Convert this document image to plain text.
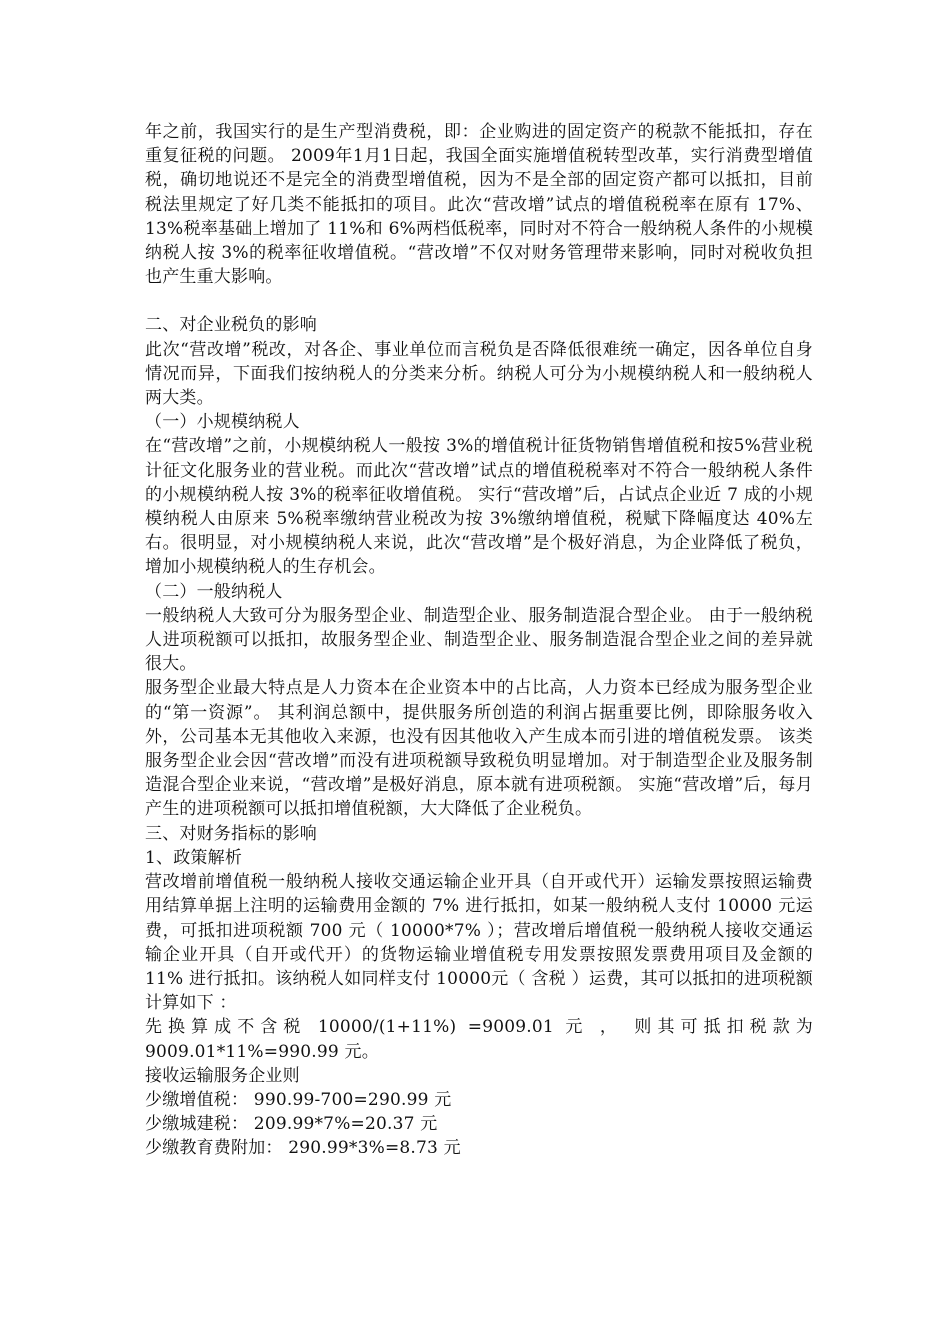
年之前，我国实行的是生产型消费税，即：企业购进的固定资产的税款不能抵扣，存在重复征税的问题。 2009年1月1日起，我国全面实施增值税转型改革，实行消费型增值税，确切地说还不是完全的消费型增值税，因为不是全部的固定资产都可以抵扣，目前税法里规定了好几类不能抵扣的项目。此次“营改增”试点的增值税税率在原有 17%、13%税率基础上增加了 11%和 6%两档低税率，同时对不符合一般纳税人条件的小规模纳税人按 3%的税率征收增值税。“营改增”不仅对财务管理带来影响，同时对税收负担也产生重大影响。

二、对企业税负的影响

此次“营改增”税改，对各企、事业单位而言税负是否降低很难统一确定，因各单位自身情况而异，下面我们按纳税人的分类来分析。纳税人可分为小规模纳税人和一般纳税人两大类。

（一）小规模纳税人

在“营改增”之前，小规模纳税人一般按 3%的增值税计征货物销售增值税和按5%营业税计征文化服务业的营业税。而此次“营改增”试点的增值税税率对不符合一般纳税人条件的小规模纳税人按 3%的税率征收增值税。 实行“营改增”后，占试点企业近 7 成的小规模纳税人由原来 5%税率缴纳营业税改为按 3%缴纳增值税，税赋下降幅度达 40%左右。很明显，对小规模纳税人来说，此次“营改增”是个极好消息，为企业降低了税负，增加小规模纳税人的生存机会。

（二）一般纳税人

一般纳税人大致可分为服务型企业、制造型企业、服务制造混合型企业。 由于一般纳税人进项税额可以抵扣，故服务型企业、制造型企业、服务制造混合型企业之间的差异就很大。

服务型企业最大特点是人力资本在企业资本中的占比高，人力资本已经成为服务型企业的“第一资源”。 其利润总额中，提供服务所创造的利润占据重要比例，即除服务收入外，公司基本无其他收入来源，也没有因其他收入产生成本而引进的增值税发票。 该类服务型企业会因“营改增”而没有进项税额导致税负明显增加。对于制造型企业及服务制造混合型企业来说，“营改增”是极好消息，原本就有进项税额。 实施“营改增”后，每月产生的进项税额可以抵扣增值税额，大大降低了企业税负。

三、对财务指标的影响

1、政策解析

营改增前增值税一般纳税人接收交通运输企业开具（自开或代开）运输发票按照运输费用结算单据上注明的运输费用金额的 7% 进行抵扣，如某一般纳税人支付 10000 元运费，可抵扣进项税额 700 元（ 10000*7% ）；营改增后增值税一般纳税人接收交通运输企业开具（自开或代开）的货物运输业增值税专用发票按照发票费用项目及金额的 11% 进行抵扣。该纳税人如同样支付 10000元（ 含税 ）运费，其可以抵扣的进项税额计算如下 ：

先换算成不含税 10000/(1+11%) =9009.01 元 ， 则其可抵扣税款为9009.01*11%=990.99 元。

接收运输服务企业则

少缴增值税： 990.99-700=290.99 元

少缴城建税： 209.99*7%=20.37 元

少缴教育费附加： 290.99*3%=8.73 元
